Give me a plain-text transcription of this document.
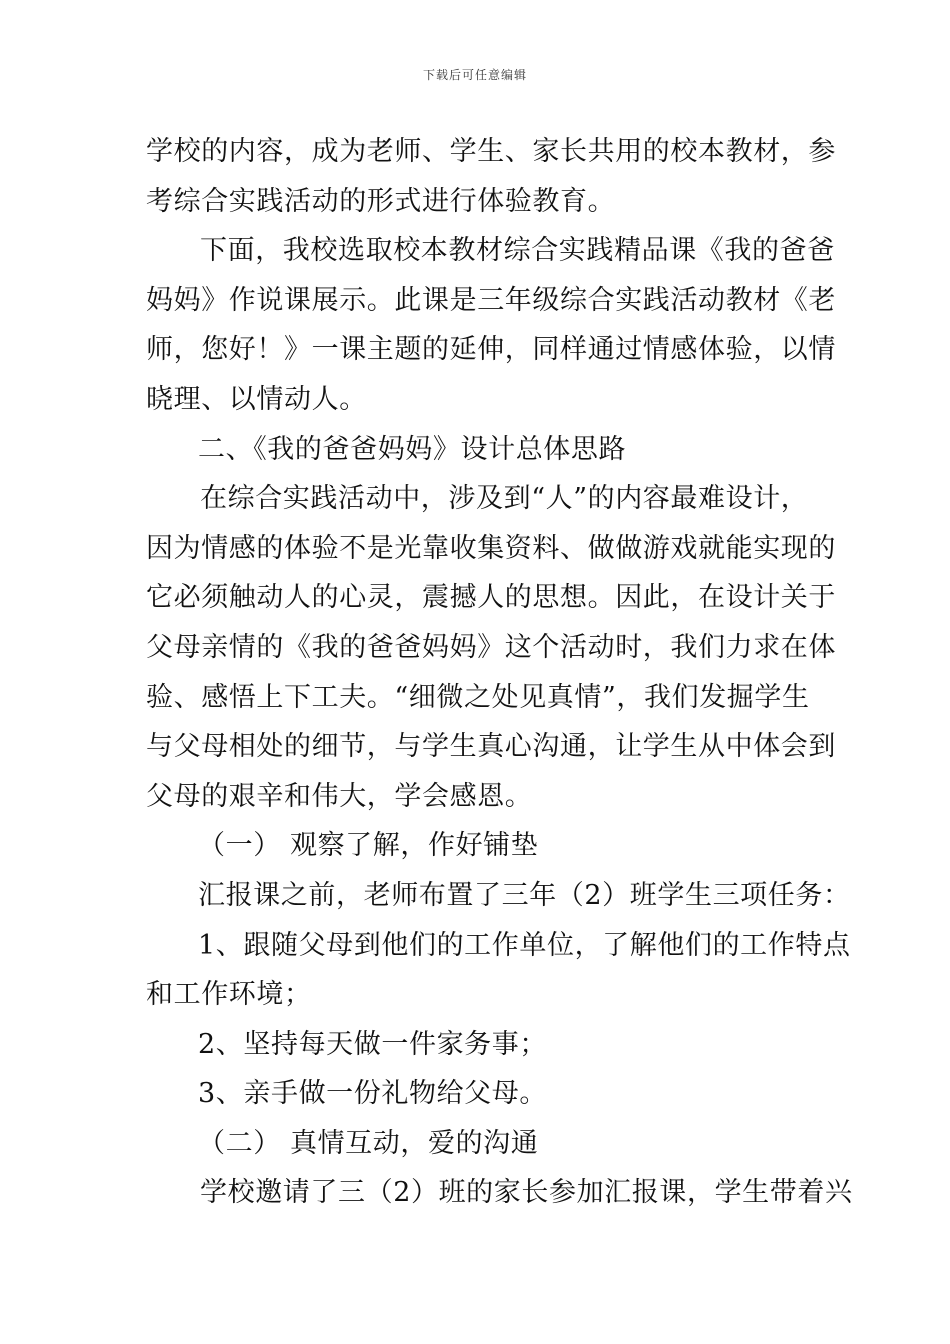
下载后可任意编辑
学校的内容，成为老师、学生、家长共用的校本教材，参
考综合实践活动的形式进行体验教育。
下面，我校选取校本教材综合实践精品课《我的爸爸
妈妈》作说课展示。此课是三年级综合实践活动教材《老
师，您好！》一课主题的延伸，同样通过情感体验，以情
晓理、以情动人。
二、《我的爸爸妈妈》设计总体思路
在综合实践活动中，涉及到“人”的内容最难设计，
因为情感的体验不是光靠收集资料、做做游戏就能实现的
它必须触动人的心灵，震撼人的思想。因此，在设计关于
父母亲情的《我的爸爸妈妈》这个活动时，我们力求在体
验、感悟上下工夫。“细微之处见真情”，我们发掘学生
与父母相处的细节，与学生真心沟通，让学生从中体会到
父母的艰辛和伟大，学会感恩。
（一） 观察了解，作好铺垫
汇报课之前，老师布置了三年（2）班学生三项任务：
1、跟随父母到他们的工作单位，了解他们的工作特点
和工作环境；
2、坚持每天做一件家务事；
3、亲手做一份礼物给父母。
（二） 真情互动，爱的沟通
学校邀请了三（2）班的家长参加汇报课，学生带着兴
